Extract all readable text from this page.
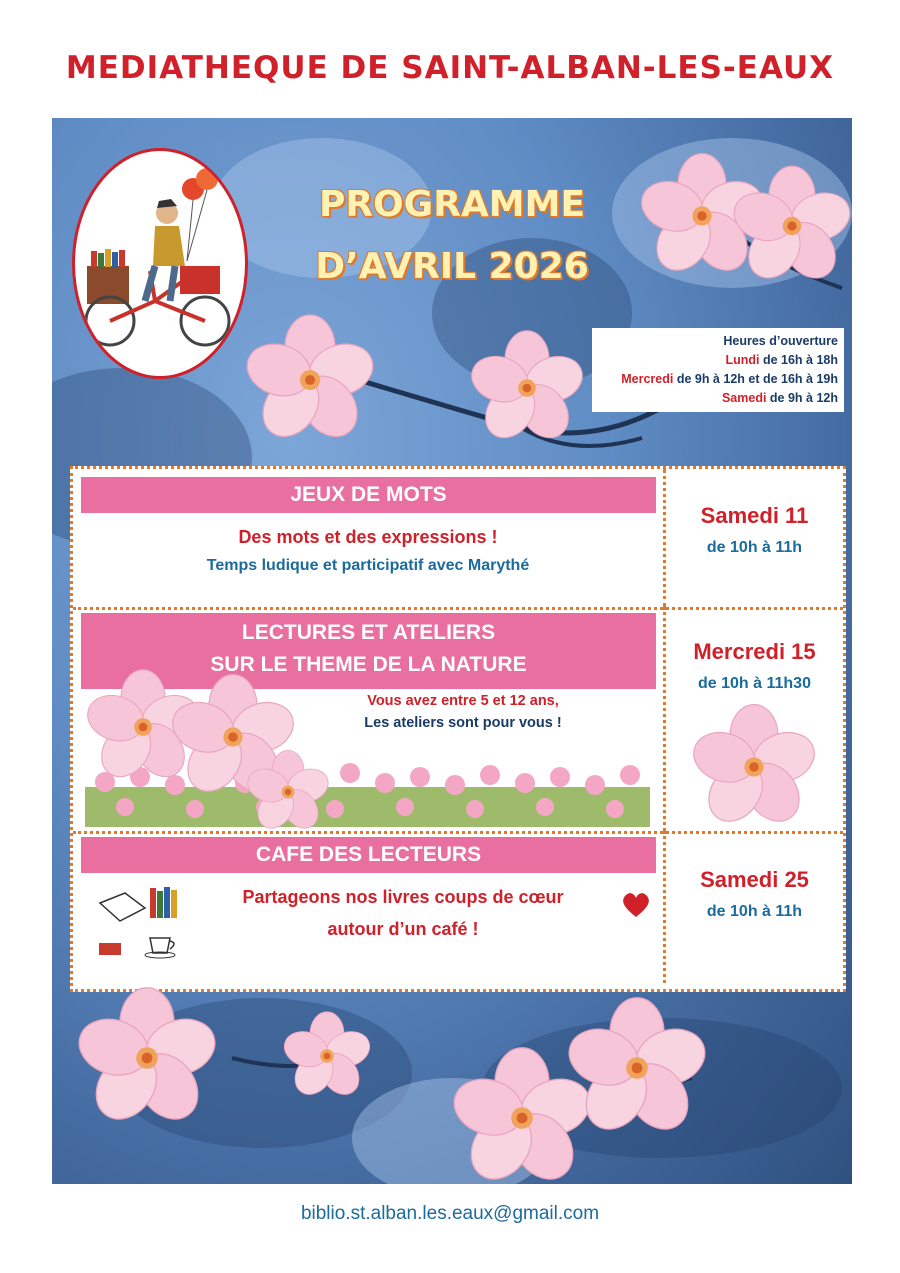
MEDIATHEQUE DE SAINT-ALBAN-LES-EAUX
PROGRAMME
D’AVRIL 2026
Heures d’ouverture
Lundi de 16h à 18h
Mercredi de 9h à 12h et de 16h à 19h
Samedi de 9h à 12h
JEUX DE MOTS
Des mots et des expressions !
Temps ludique et participatif avec Marythé
Samedi 11
de 10h à 11h
LECTURES ET ATELIERS
SUR LE THEME DE LA NATURE
Vous avez entre 5 et 12 ans,
Les ateliers sont pour vous !
Mercredi 15
de 10h à 11h30
CAFE DES LECTEURS
Partageons nos livres coups de cœur
autour d’un café !
Samedi 25
de 10h à 11h
biblio.st.alban.les.eaux@gmail.com
